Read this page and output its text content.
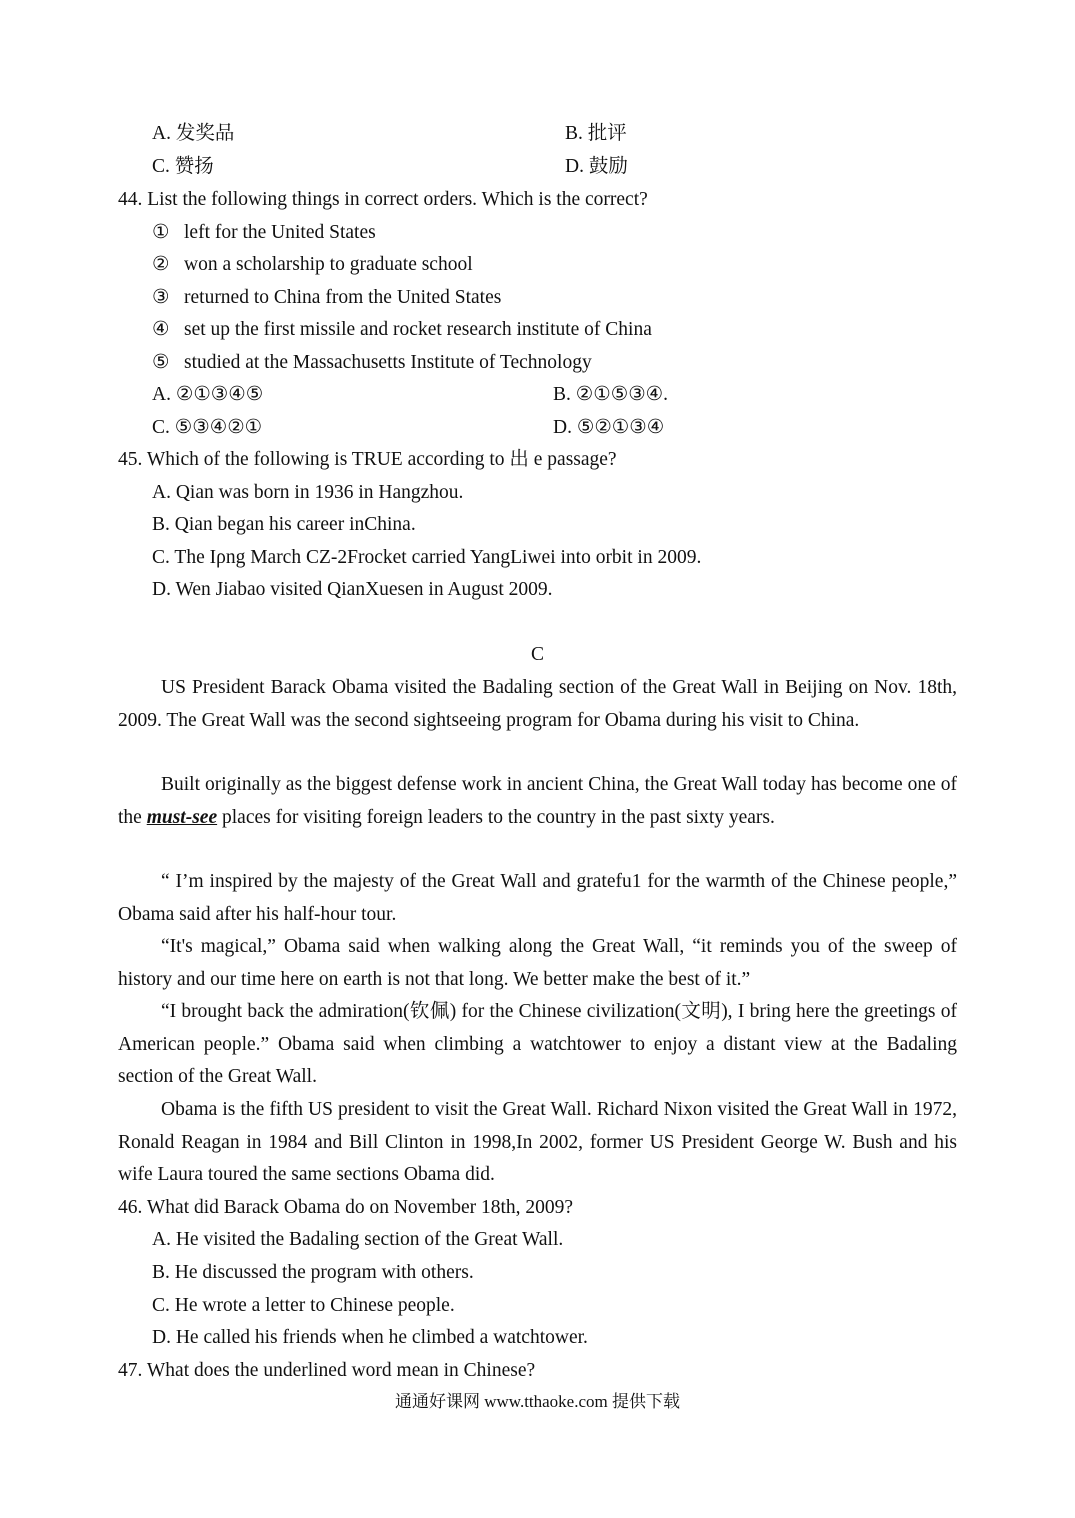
A. 发奖品	B. 批评
C. 赞扬	D. 鼓励
44. List the following things in correct orders. Which is the correct?
① left for the United States
② won a scholarship to graduate school
③ returned to China from the United States
④ set up the first missile and rocket research institute of China
⑤ studied at the Massachusetts Institute of Technology
A. ②①③④⑤	B. ②①⑤③④.
C. ⑤③④②①	D. ⑤②①③④
45. Which of the following is TRUE according to 出 e passage?
A. Qian was born in 1936 in Hangzhou.
B. Qian began his career inChina.
C. The Iρng March CZ-2Frocket carried YangLiwei into orbit in 2009.
D. Wen Jiabao visited QianXuesen in August 2009.
C
US President Barack Obama visited the Badaling section of the Great Wall in Beijing on Nov. 18th, 2009. The Great Wall was the second sightseeing program for Obama during his visit to China.
Built originally as the biggest defense work in ancient China, the Great Wall today has become one of the must-see places for visiting foreign leaders to the country in the past sixty years.
“ I’m inspired by the majesty of the Great Wall and gratefu1 for the warmth of the Chinese people,” Obama said after his half-hour tour.
“It's magical,” Obama said when walking along the Great Wall, “it reminds you of the sweep of history and our time here on earth is not that long. We better make the best of it.”
“I brought back the admiration(钦佩) for the Chinese civilization(文明), I bring here the greetings of American people.” Obama said when climbing a watchtower to enjoy a distant view at the Badaling section of the Great Wall.
Obama is the fifth US president to visit the Great Wall. Richard Nixon visited the Great Wall in 1972, Ronald Reagan in 1984 and Bill Clinton in 1998,In 2002, former US President George W. Bush and his wife Laura toured the same sections Obama did.
46. What did Barack Obama do on November 18th, 2009?
A. He visited the Badaling section of the Great Wall.
B. He discussed the program with others.
C. He wrote a letter to Chinese people.
D. He called his friends when he climbed a watchtower.
47. What does the underlined word mean in Chinese?
通通好课网 www.tthaoke.com 提供下载
